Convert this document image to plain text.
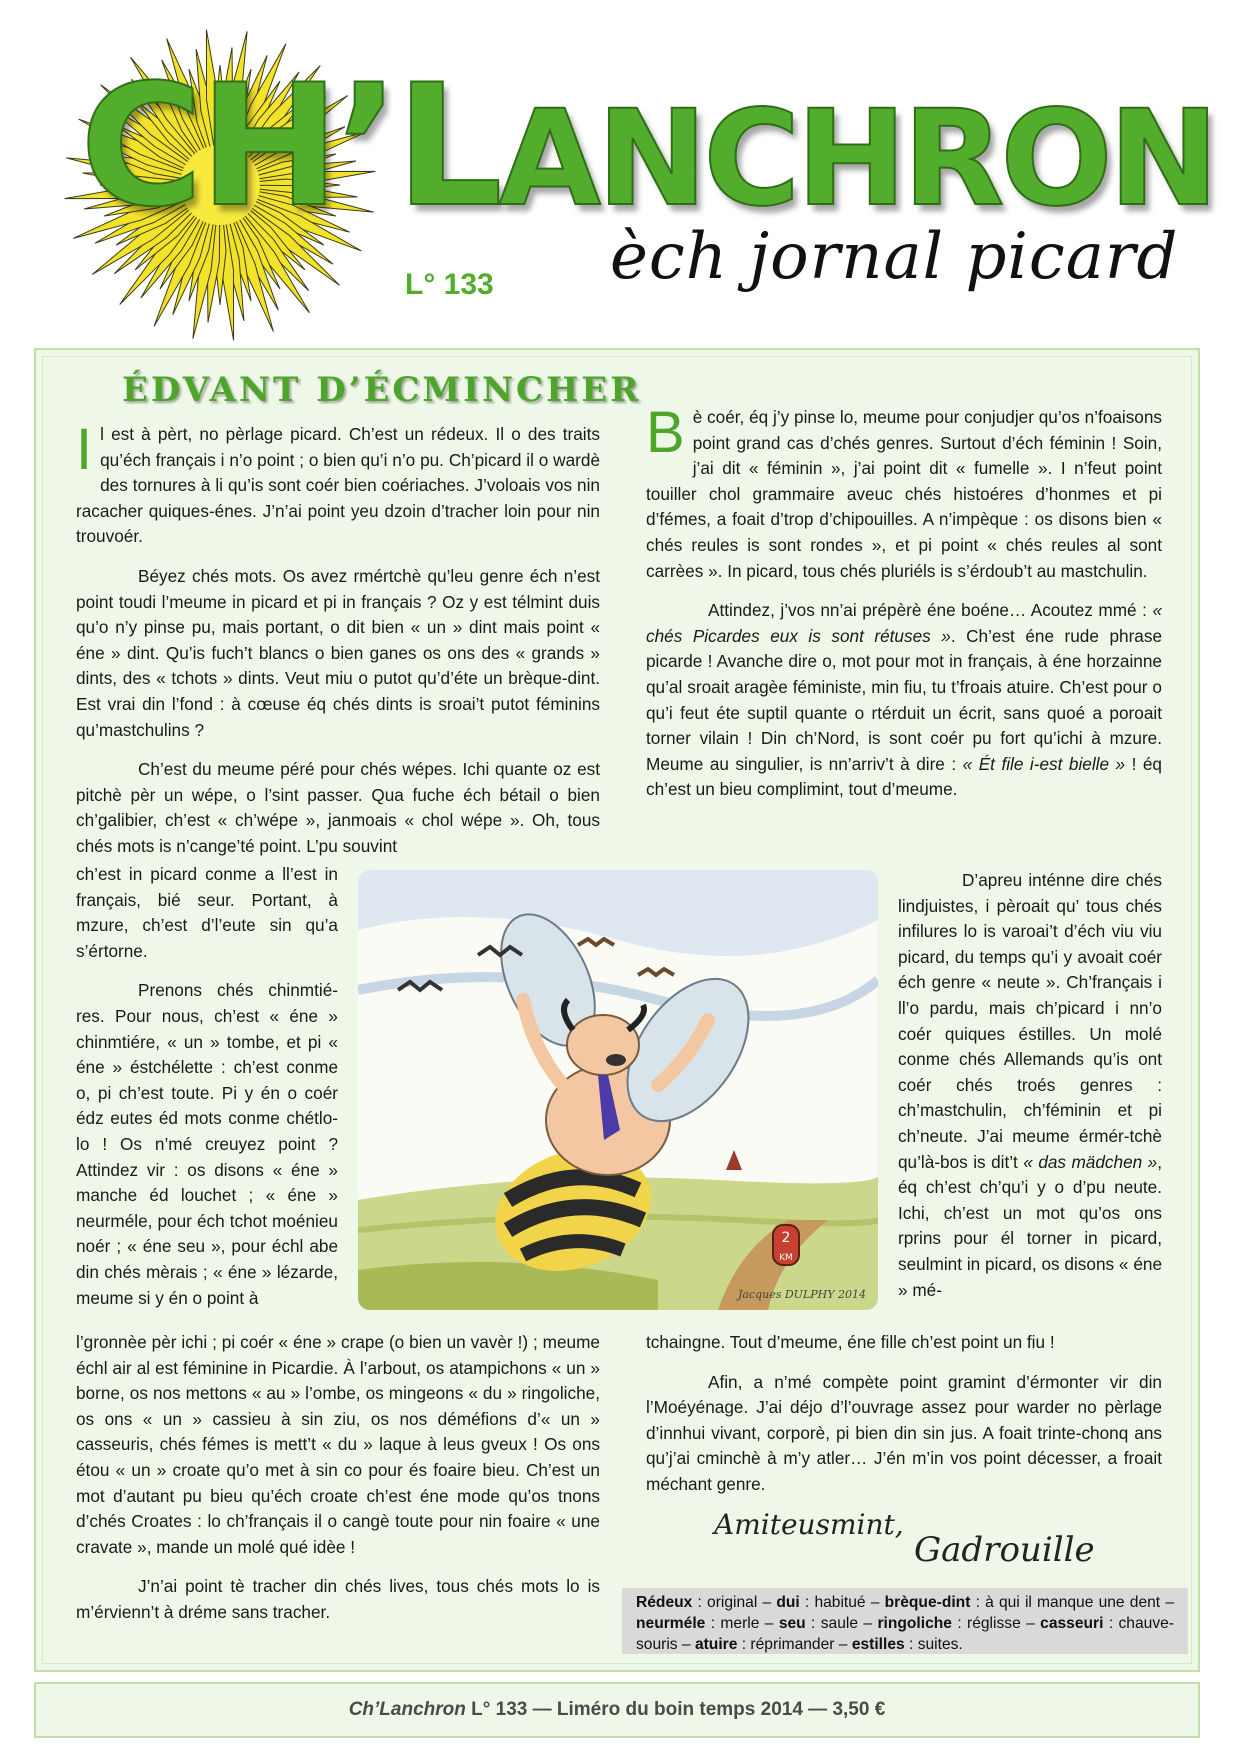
CH’LANCHRON
èch jornal picard
L° 133
ÉDVANT D’ÉCMINCHER

Il est à pèrt, no pèrlage picard. Ch’est un rédeux. Il o des traits qu’éch français i n’o point ; o bien qu’i n’o pu. Ch’picard il o wardè des tornures à li qu’is sont coér bien coériaches. J’voloais vos nin racacher quiques-énes. J’n’ai point yeu dzoin d’tracher loin pour nin trouvoér.

Béyez chés mots. Os avez rmértchè qu’leu genre éch n’est point toudi l’meume in picard et pi in français ? Oz y est télmint duis qu’o n’y pinse pu, mais portant, o dit bien « un » dint mais point « éne » dint. Qu’is fuch’t blancs o bien ganes os ons des « grands » dints, des « tchots » dints. Veut miu o putot qu’d’éte un brèque-dint. Est vrai din l’fond : à cœuse éq chés dints is sroai’t putot féminins qu’mastchulins ?

Ch’est du meume péré pour chés wépes. Ichi quante oz est pitchè pèr un wépe, o l’sint passer. Qua fuche éch bétail o bien ch’galibier, ch’est « ch’wépe », janmoais « chol wépe ». Oh, tous chés mots is n’cange’té point. L’pu souvint

ch’est in picard conme a ll’est in français, bié seur. Portant, à mzure, ch’est d’l’eute sin qu’a s’értorne.

Prenons chés chinmtié-res. Pour nous, ch’est « éne » chinmtiére, « un » tombe, et pi « éne » éstchélette : ch’est conme o, pi ch’est toute. Pi y én o coér édz eutes éd mots conme chétlo-lo ! Os n’mé creuyez point ? Attindez vir : os disons « éne » manche éd louchet ; « éne » neurméle, pour éch tchot moénieu noér ; « éne seu », pour échl abe din chés mèrais ; « éne » lézarde, meume si y én o point à

l’gronnèe pèr ichi ; pi coér « éne » crape (o bien un vavèr !) ; meume échl air al est féminine in Picardie. À l’arbout, os atampichons « un » borne, os nos mettons « au » l’ombe, os mingeons « du » ringoliche, os ons « un » cassieu à sin ziu, os nos déméfions d’« un » casseuris, chés fémes is mett’t « du » laque à leus gveux ! Os ons étou « un » croate qu’o met à sin co pour és foaire bieu. Ch’est un mot d’autant pu bieu qu’éch croate ch’est éne mode qu’os tnons d’chés Croates : lo ch’français il o cangè toute pour nin foaire « une cravate », mande un molé qué idèe !

J’n’ai point tè tracher din chés lives, tous chés mots lo is m’érvienn’t à dréme sans tracher.

Bè coér, éq j’y pinse lo, meume pour conjudjer qu’os n’foaisons point grand cas d’chés genres. Surtout d’éch féminin ! Soin, j’ai dit « féminin », j’ai point dit « fumelle ». I n’feut point touiller chol grammaire aveuc chés histoéres d’honmes et pi d’fémes, a foait d’trop d’chipouilles. A n’impèque : os disons bien « chés reules is sont rondes », et pi point « chés reules al sont carrèes ». In picard, tous chés pluriéls is s’érdoub’t au mastchulin.

Attindez, j’vos nn’ai prépèrè éne boéne… Acoutez mmé : « chés Picardes eux is sont rétuses ». Ch’est éne rude phrase picarde ! Avanche dire o, mot pour mot in français, à éne horzainne qu’al sroait aragèe féministe, min fiu, tu t’froais atuire. Ch’est pour o qu’i feut éte suptil quante o rtérduit un écrit, sans quoé a poroait torner vilain ! Din ch’Nord, is sont coér pu fort qu’ichi à mzure. Meume au singulier, is nn’arriv’t à dire : « Ét file i-est bielle » ! éq ch’est un bieu complimint, tout d’meume.

D’apreu inténne dire chés lindjuistes, i pèroait qu’ tous chés infilures lo is varoai’t d’éch viu viu picard, du temps qu’i y avoait coér éch genre « neute ». Ch’français i ll’o pardu, mais ch’picard i nn’o coér quiques éstilles. Un molé conme chés Allemands qu’is ont coér chés troés genres : ch’mastchulin, ch’féminin et pi ch’neute. J’ai meume érmér-tchè qu’là-bos is dit’t « das mädchen », éq ch’est ch’qu’i y o d’pu neute. Ichi, ch’est un mot qu’os ons rprins pour él torner in picard, seulmint in picard, os disons « éne » mé-

tchaingne. Tout d’meume, éne fille ch’est point un fiu !

Afin, a n’mé compète point gramint d’érmonter vir din l’Moéyénage. J’ai déjo d’l’ouvrage assez pour warder no pèrlage d’innhui vivant, corporè, pi bien din sin jus. A foait trinte-chonq ans qu’j’ai cminchè à m’y atler… J’én m’in vos point décesser, a froait méchant genre.

2
KM
Jacques DULPHY 2014
Amiteusmint,
Gadrouille
Rédeux : original – dui : habitué – brèque-dint : à qui il manque une dent – neurméle : merle – seu : saule – ringoliche : réglisse – casseuri : chauve-souris – atuire : réprimander – estilles : suites.
Ch’Lanchron L° 133 — Liméro du boin temps 2014 — 3,50 €
